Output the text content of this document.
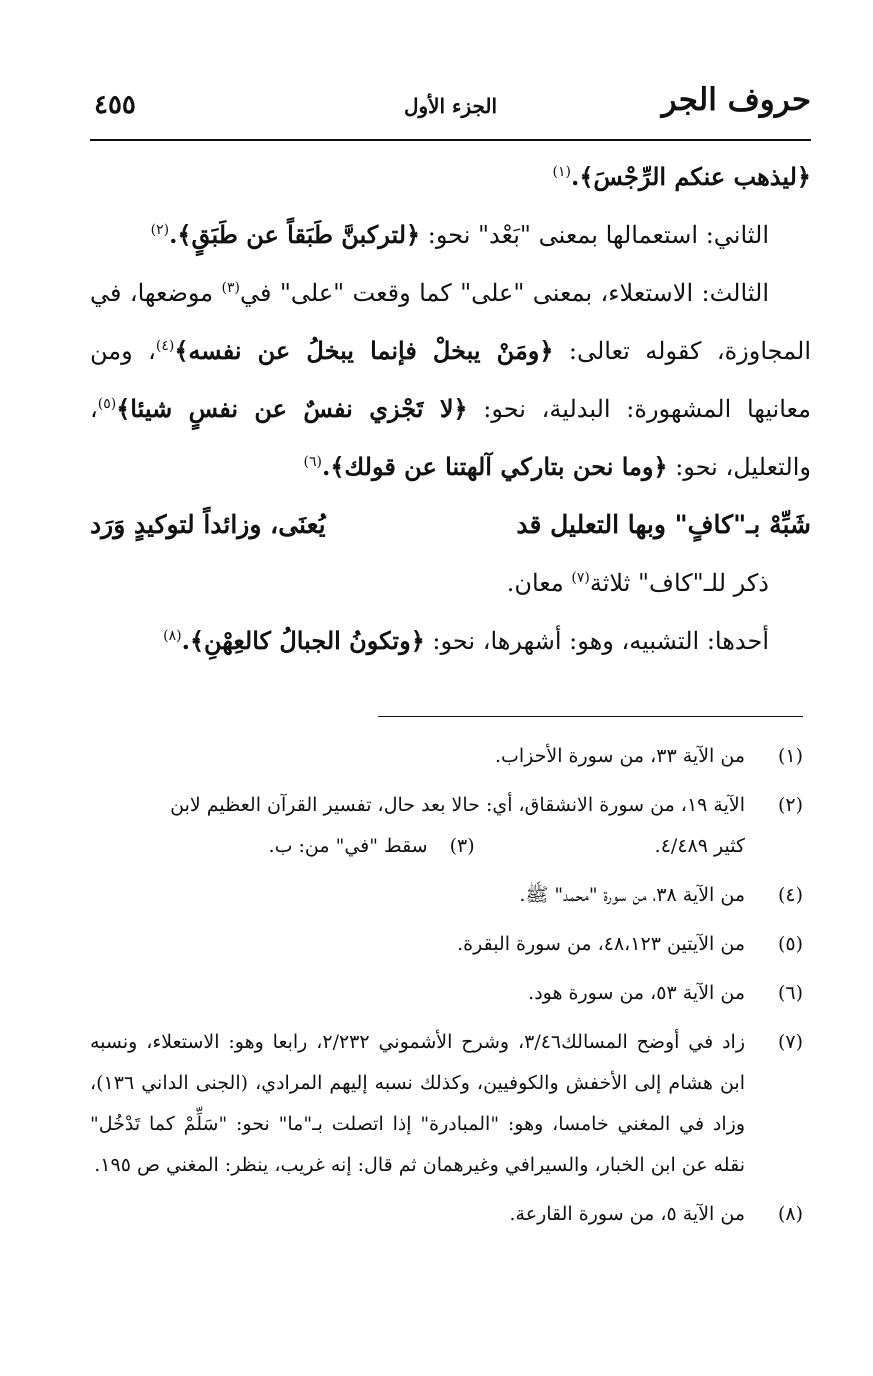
حروف الجر
الجزء الأول
٤٥٥

﴿ليذهب عنكم الرِّجْسَ﴾.$^{(١)}$

الثاني: استعمالها بمعنى "بَعْد" نحو: ﴿لتركبنَّ طَبَقاً عن طَبَقٍ﴾.$^{(٢)}$

الثالث: الاستعلاء، بمعنى "على" كما وقعت "على" في$^{(٣)}$ موضعها، في المجاوزة، كقوله تعالى: ﴿ومَنْ يبخلْ فإنما يبخلُ عن نفسه﴾$^{(٤)}$، ومن معانيها المشهورة: البدلية، نحو: ﴿لا تَجْزي نفسٌ عن نفسٍ شيئا﴾$^{(٥)}$، والتعليل، نحو: ﴿وما نحن بتاركي آلهتنا عن قولك﴾.$^{(٦)}$

شَبِّهْ بـ"كافٍ" وبها التعليل قد
يُعنَى، وزائداً لتوكيدٍ وَرَد

ذكر للـ"كاف" ثلاثة$^{(٧)}$ معان.

أحدها: التشبيه، وهو: أشهرها، نحو: ﴿وتكونُ الجبالُ كالعِهْنِ﴾.$^{(٨)}$

(١)
من الآية ٣٣، من سورة الأحزاب.
(٢)
الآية ١٩، من سورة الانشقاق، أي: حالا بعد حال، تفسير القرآن العظيم لابن
كثير ٤/٤٨٩.
(٣)
سقط "في" من: ب.
(٤)
من الآية ٣٨، من سورة "محمد" ﷺ.
(٥)
من الآيتين ٤٨،١٢٣، من سورة البقرة.
(٦)
من الآية ٥٣، من سورة هود.
(٧)
زاد في أوضح المسالك٣/٤٦، وشرح الأشموني ٢/٢٣٢، رابعا وهو: الاستعلاء، ونسبه ابن هشام إلى الأخفش والكوفيين، وكذلك نسبه إليهم المرادي، (الجنى الداني ١٣٦)، وزاد في المغني خامسا، وهو: "المبادرة" إذا اتصلت بـ"ما" نحو: "سَلِّمْ كما تَدْخُل" نقله عن ابن الخبار، والسيرافي وغيرهمان ثم قال: إنه غريب، ينظر: المغني ص ١٩٥.
(٨)
من الآية ٥، من سورة القارعة.
